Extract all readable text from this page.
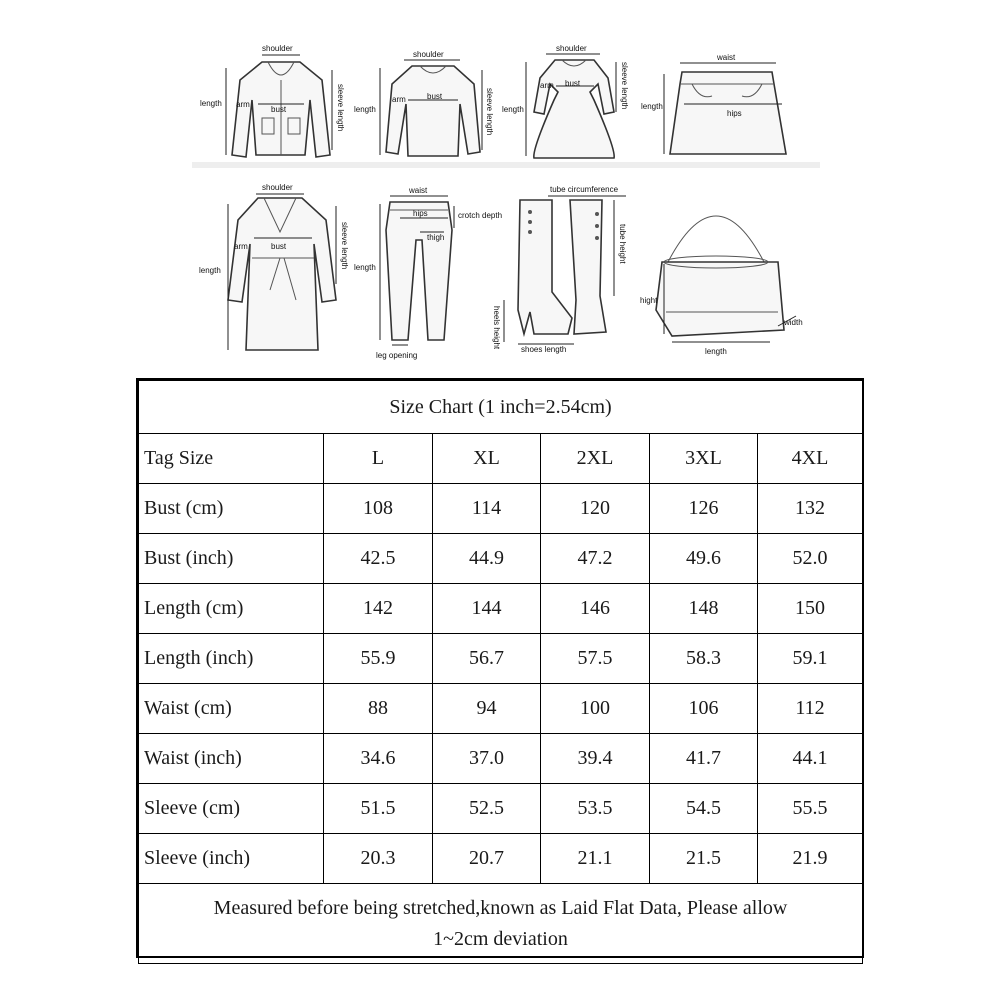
shoulder
length arm
bust	sleeve length
shoulder
length
arm	bust	sleeve length
shoulder
length
arm bust	sleeve length
waist
length
hips
shoulder
length
arm	bust	sleeve length
waist
length
hips	crotch depth
thigh
leg opening
tube circumference
tube height
heels height
shoes length
hight
width
length
Size Chart (1 inch=2.54cm)					
Tag Size	L	XL	2XL	3XL	4XL
Bust (cm)	108	114	120	126	132
Bust (inch)	42.5	44.9	47.2	49.6	52.0
Length (cm)	142	144	146	148	150
Length (inch)	55.9	56.7	57.5	58.3	59.1
Waist (cm)	88	94	100	106	112
Waist (inch)	34.6	37.0	39.4	41.7	44.1
Sleeve (cm)	51.5	52.5	53.5	54.5	55.5
Sleeve (inch)	20.3	20.7	21.1	21.5	21.9
Measured before being stretched,known as Laid Flat Data, Please allow
1~2cm deviation					
